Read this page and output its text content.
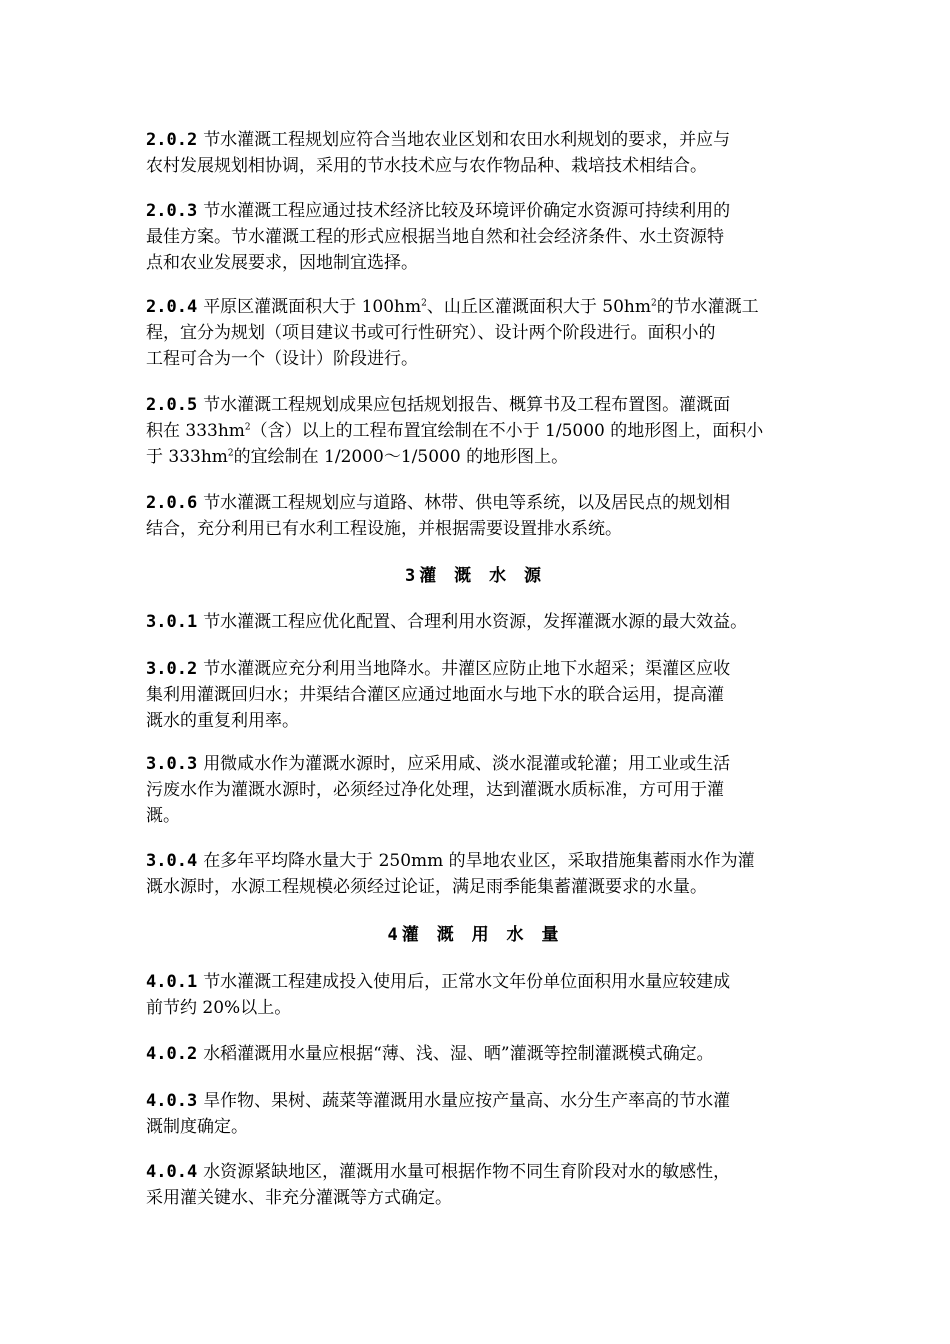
2.0.2 节水灌溉工程规划应符合当地农业区划和农田水利规划的要求，并应与

农村发展规划相协调，采用的节水技术应与农作物品种、栽培技术相结合。

2.0.3 节水灌溉工程应通过技术经济比较及环境评价确定水资源可持续利用的

最佳方案。节水灌溉工程的形式应根据当地自然和社会经济条件、水土资源特

点和农业发展要求，因地制宜选择。

2.0.4 平原区灌溉面积大于 $100hm^2$、山丘区灌溉面积大于 $50hm^2$的节水灌溉工

程，宜分为规划（项目建议书或可行性研究）、设计两个阶段进行。面积小的

工程可合为一个（设计）阶段进行。

2.0.5 节水灌溉工程规划成果应包括规划报告、概算书及工程布置图。灌溉面

积在 $333hm^2$（含）以上的工程布置宜绘制在不小于 1/5000 的地形图上，面积小

于 $333hm^2$的宜绘制在 1/2000～1/5000 的地形图上。

2.0.6 节水灌溉工程规划应与道路、林带、供电等系统，以及居民点的规划相

结合，充分利用已有水利工程设施，并根据需要设置排水系统。

3 灌 溉 水 源

3.0.1 节水灌溉工程应优化配置、合理利用水资源，发挥灌溉水源的最大效益。

3.0.2 节水灌溉应充分利用当地降水。井灌区应防止地下水超采；渠灌区应收

集利用灌溉回归水；井渠结合灌区应通过地面水与地下水的联合运用，提高灌

溉水的重复利用率。

3.0.3 用微咸水作为灌溉水源时，应采用咸、淡水混灌或轮灌；用工业或生活

污废水作为灌溉水源时，必须经过净化处理，达到灌溉水质标准，方可用于灌

溉。

3.0.4 在多年平均降水量大于 250mm 的旱地农业区，采取措施集蓄雨水作为灌

溉水源时，水源工程规模必须经过论证，满足雨季能集蓄灌溉要求的水量。

4 灌 溉 用 水 量

4.0.1 节水灌溉工程建成投入使用后，正常水文年份单位面积用水量应较建成

前节约 20%以上。

4.0.2 水稻灌溉用水量应根据“薄、浅、湿、晒”灌溉等控制灌溉模式确定。

4.0.3 旱作物、果树、蔬菜等灌溉用水量应按产量高、水分生产率高的节水灌

溉制度确定。

4.0.4 水资源紧缺地区，灌溉用水量可根据作物不同生育阶段对水的敏感性，

采用灌关键水、非充分灌溉等方式确定。
